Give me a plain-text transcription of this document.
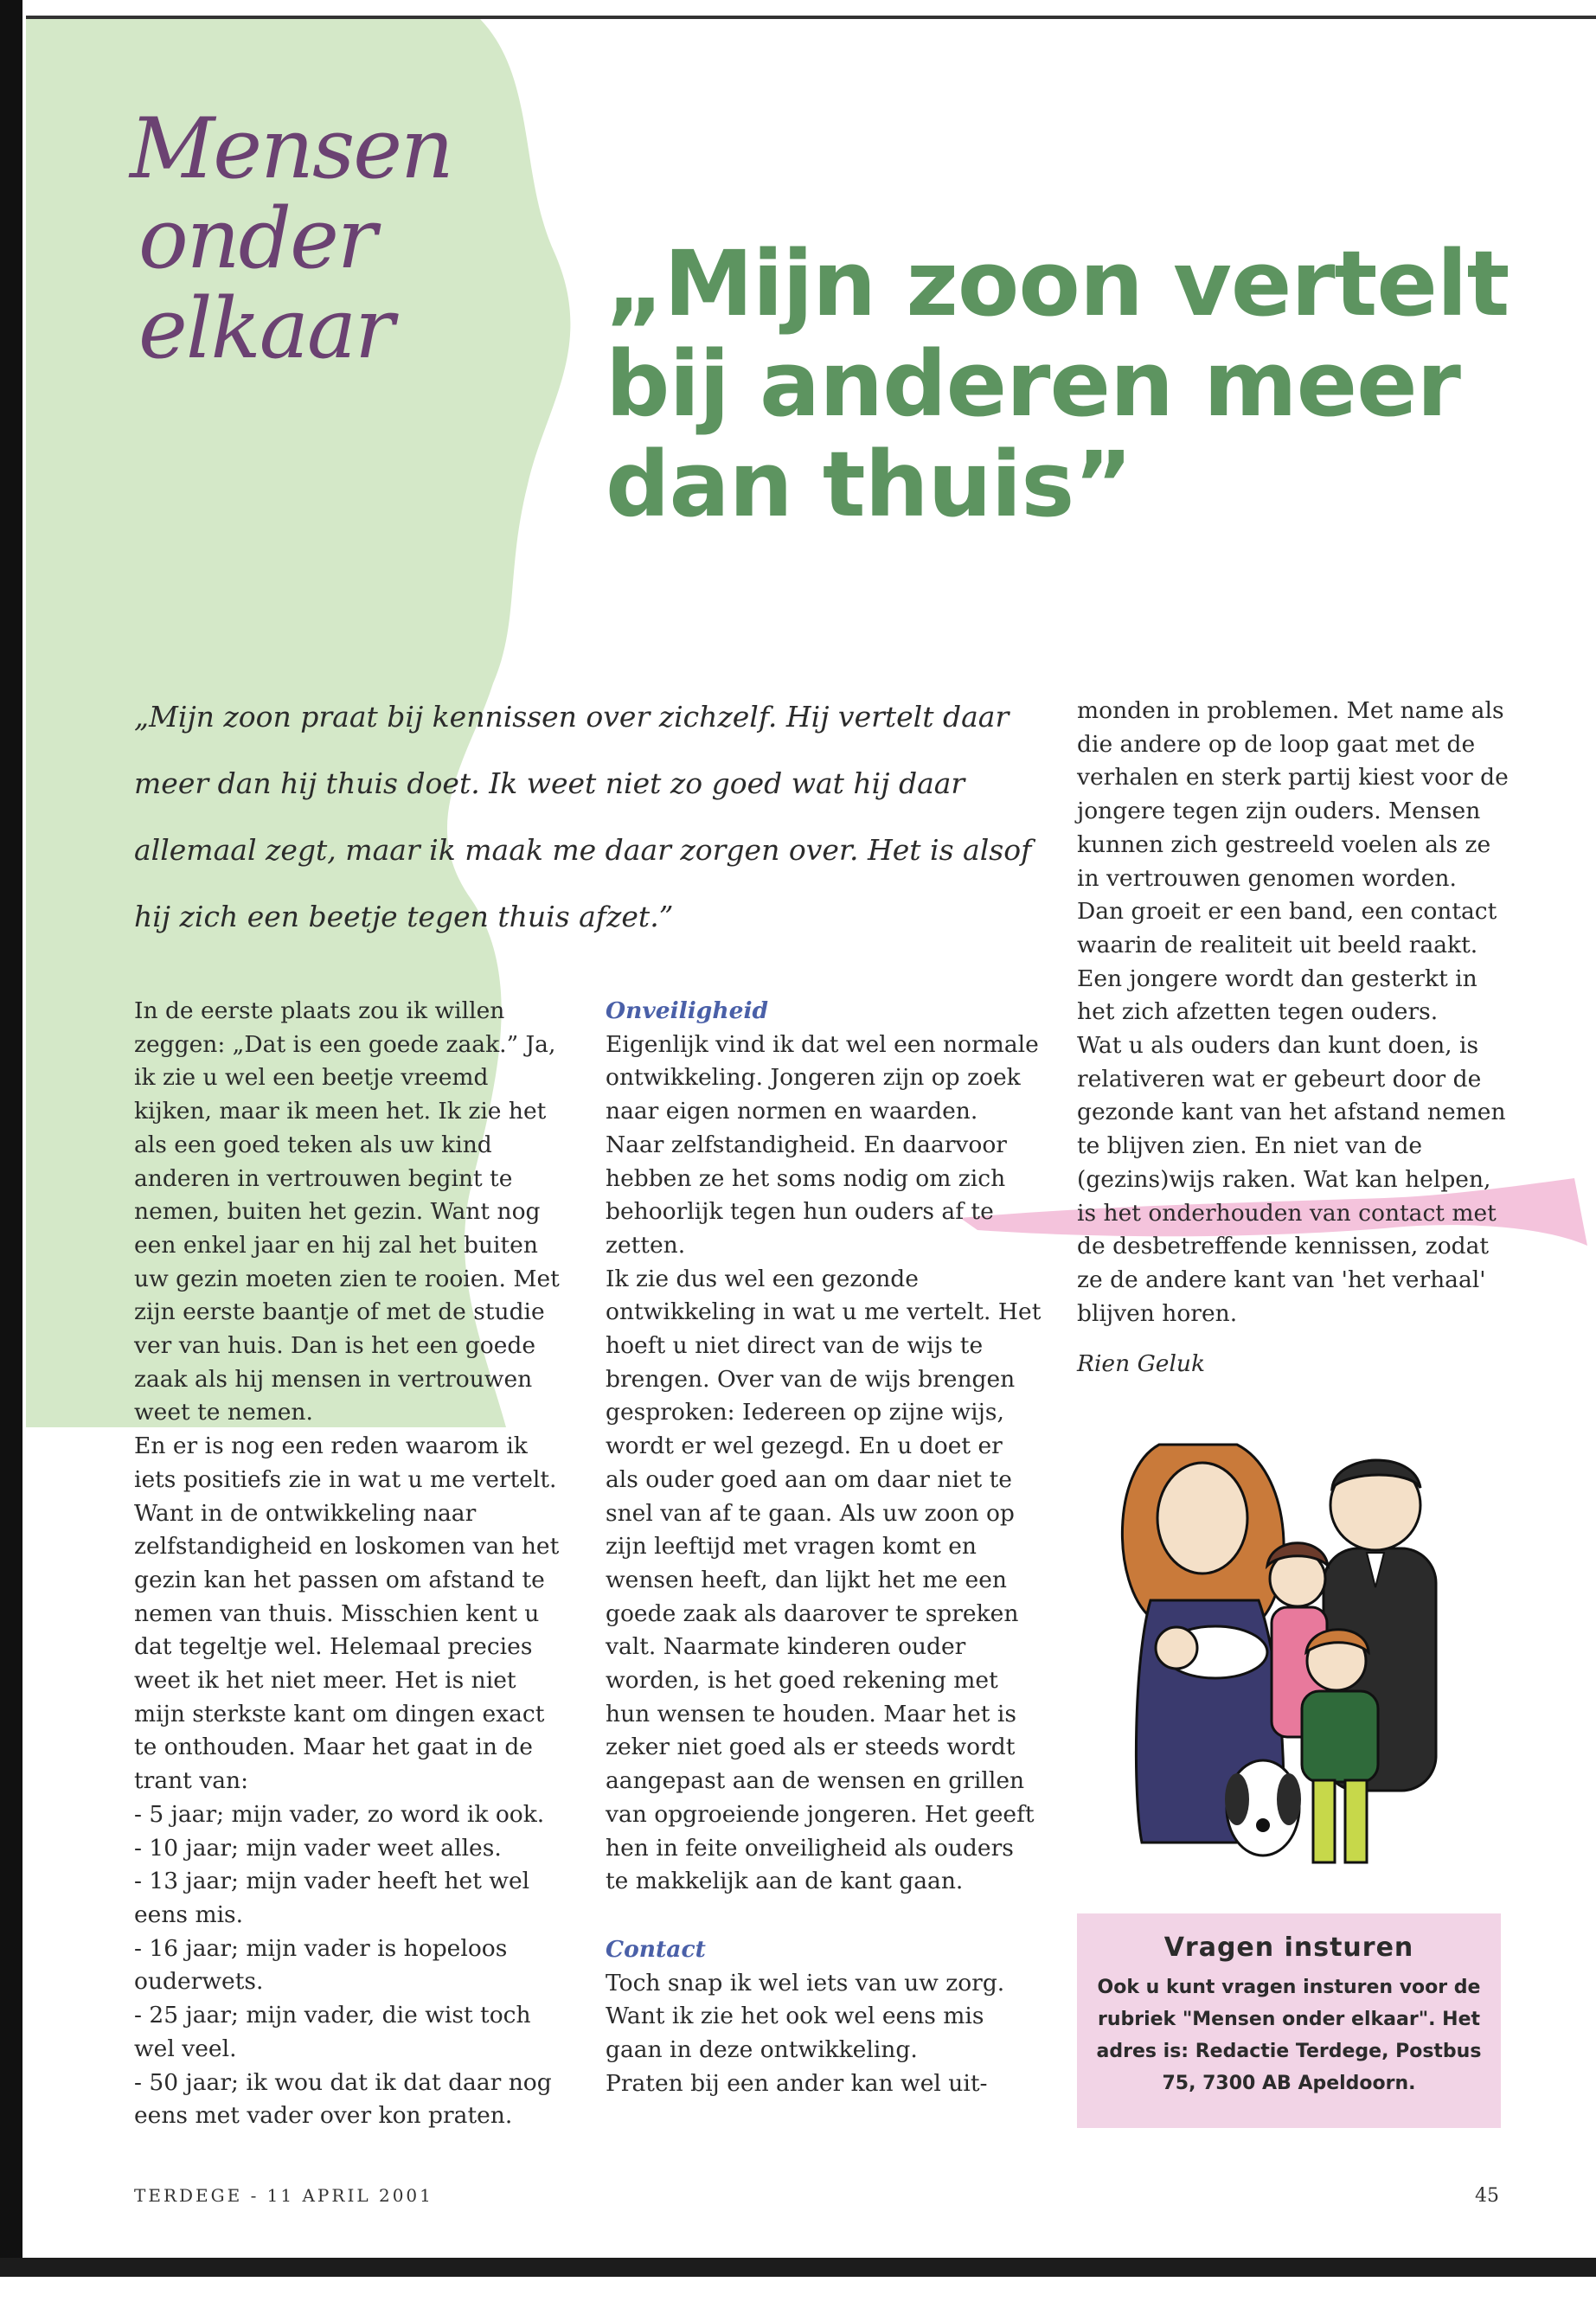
Mensen
onder
elkaar	„Mijn zoon vertelt bij anderen meer dan thuis”

„Mijn zoon praat bij kennissen over zichzelf. Hij vertelt daar meer dan hij thuis doet. Ik weet niet zo goed wat hij daar allemaal zegt, maar ik maak me daar zorgen over. Het is alsof hij zich een beetje tegen thuis afzet.”

In de eerste plaats zou ik willen zeggen: „Dat is een goede zaak.” Ja, ik zie u wel een beetje vreemd kijken, maar ik meen het. Ik zie het als een goed teken als uw kind anderen in vertrouwen begint te nemen, buiten het gezin. Want nog een enkel jaar en hij zal het buiten uw gezin moeten zien te rooien. Met zijn eerste baantje of met de studie ver van huis. Dan is het een goede zaak als hij mensen in vertrouwen weet te nemen.

En er is nog een reden waarom ik iets positiefs zie in wat u me vertelt. Want in de ontwikkeling naar zelfstandigheid en loskomen van het gezin kan het passen om afstand te nemen van thuis. Misschien kent u dat tegeltje wel. Helemaal precies weet ik het niet meer. Het is niet mijn sterkste kant om dingen exact te onthouden. Maar het gaat in de trant van:

- 5 jaar; mijn vader, zo word ik ook.

- 10 jaar; mijn vader weet alles.

- 13 jaar; mijn vader heeft het wel eens mis.

- 16 jaar; mijn vader is hopeloos ouderwets.

- 25 jaar; mijn vader, die wist toch wel veel.

- 50 jaar; ik wou dat ik dat daar nog eens met vader over kon praten.

Onveiligheid

Eigenlijk vind ik dat wel een normale ontwikkeling. Jongeren zijn op zoek naar eigen normen en waarden. Naar zelfstandigheid. En daarvoor hebben ze het soms nodig om zich behoorlijk tegen hun ouders af te zetten.

Ik zie dus wel een gezonde ontwikkeling in wat u me vertelt. Het hoeft u niet direct van de wijs te brengen. Over van de wijs brengen gesproken: Iedereen op zijne wijs, wordt er wel gezegd. En u doet er als ouder goed aan om daar niet te snel van af te gaan. Als uw zoon op zijn leeftijd met vragen komt en wensen heeft, dan lijkt het me een goede zaak als daarover te spreken valt. Naarmate kinderen ouder worden, is het goed rekening met hun wensen te houden. Maar het is zeker niet goed als er steeds wordt aangepast aan de wensen en grillen van opgroeiende jongeren. Het geeft hen in feite onveiligheid als ouders te makkelijk aan de kant gaan.

Contact

Toch snap ik wel iets van uw zorg. Want ik zie het ook wel eens mis gaan in deze ontwikkeling.

Praten bij een ander kan wel uit-

monden in problemen. Met name als die andere op de loop gaat met de verhalen en sterk partij kiest voor de jongere tegen zijn ouders. Mensen kunnen zich gestreeld voelen als ze in vertrouwen genomen worden. Dan groeit er een band, een contact waarin de realiteit uit beeld raakt. Een jongere wordt dan gesterkt in het zich afzetten tegen ouders.

Wat u als ouders dan kunt doen, is relativeren wat er gebeurt door de gezonde kant van het afstand nemen te blijven zien. En niet van de (gezins)wijs raken. Wat kan helpen, is het onderhouden van contact met de desbetreffende kennissen, zodat ze de andere kant van 'het verhaal' blijven horen.

Rien Geluk

Vragen insturen
Ook u kunt vragen insturen voor de rubriek "Mensen onder elkaar". Het adres is: Redactie Terdege, Postbus 75, 7300 AB Apeldoorn.
TERDEGE - 11 APRIL 2001	45
